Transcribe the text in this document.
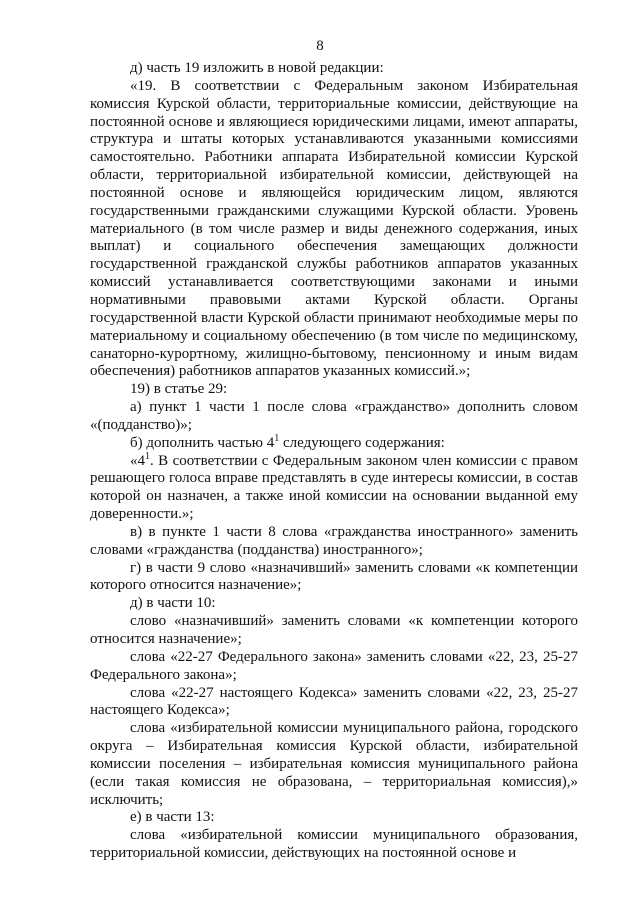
8

д) часть 19 изложить в новой редакции:

«19. В соответствии с Федеральным законом Избирательная комиссия Курской области, территориальные комиссии, действующие на постоянной основе и являющиеся юридическими лицами, имеют аппараты, структура и штаты которых устанавливаются указанными комиссиями самостоятельно. Работники аппарата Избирательной комиссии Курской области, территориальной избирательной комиссии, действующей на постоянной основе и являющейся юридическим лицом, являются государственными гражданскими служащими Курской области. Уровень материального (в том числе размер и виды денежного содержания, иных выплат) и социального обеспечения замещающих должности государственной гражданской службы работников аппаратов указанных комиссий устанавливается соответствующими законами и иными нормативными правовыми актами Курской области. Органы государственной власти Курской области принимают необходимые меры по материальному и социальному обеспечению (в том числе по медицинскому, санаторно-курортному, жилищно-бытовому, пенсионному и иным видам обеспечения) работников аппаратов указанных комиссий.»;

19) в статье 29:

а) пункт 1 части 1 после слова «гражданство» дополнить словом «(подданство)»;

б) дополнить частью $4^1$ следующего содержания:

«$4^1$. В соответствии с Федеральным законом член комиссии с правом решающего голоса вправе представлять в суде интересы комиссии, в состав которой он назначен, а также иной комиссии на основании выданной ему доверенности.»;

в) в пункте 1 части 8 слова «гражданства иностранного» заменить словами «гражданства (подданства) иностранного»;

г) в части 9 слово «назначивший» заменить словами «к компетенции которого относится назначение»;

д) в части 10:

слово «назначивший» заменить словами «к компетенции которого относится назначение»;

слова «22-27 Федерального закона» заменить словами «22, 23, 25-27 Федерального закона»;

слова «22-27 настоящего Кодекса» заменить словами «22, 23, 25-27 настоящего Кодекса»;

слова «избирательной комиссии муниципального района, городского округа – Избирательная комиссия Курской области, избирательной комиссии поселения – избирательная комиссия муниципального района (если такая комиссия не образована, – территориальная комиссия),» исключить;

е) в части 13:

слова «избирательной комиссии муниципального образования, территориальной комиссии, действующих на постоянной основе и
